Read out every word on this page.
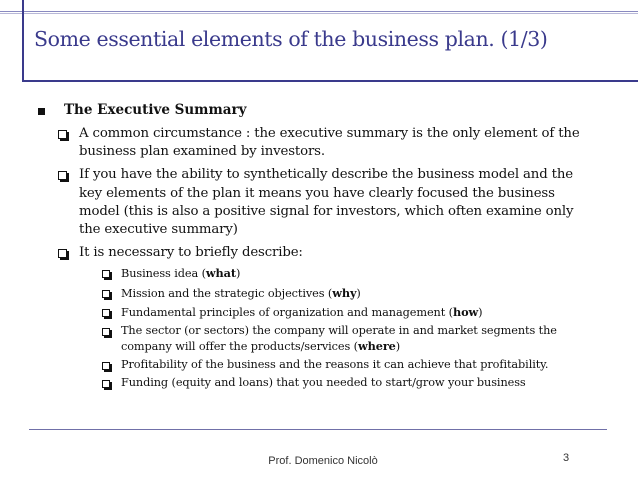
Some essential elements of the business plan. (1/3)
The Executive Summary
A common circumstance : the executive summary is the only element of the business plan examined by investors.
If you have the ability to synthetically describe the business model and the key elements of the plan it means you have clearly focused the business model (this is also a positive signal for investors, which often examine only the executive summary)
It is necessary to briefly describe:
Business idea (what)
Mission and the strategic objectives (why)
Fundamental principles of organization and management (how)
The sector (or sectors) the company will operate in and market segments the company will offer the products/services (where)
Profitability of the business and the reasons it can achieve that profitability.
Funding (equity and loans) that you needed to start/grow your business
Prof. Domenico Nicolò	3
